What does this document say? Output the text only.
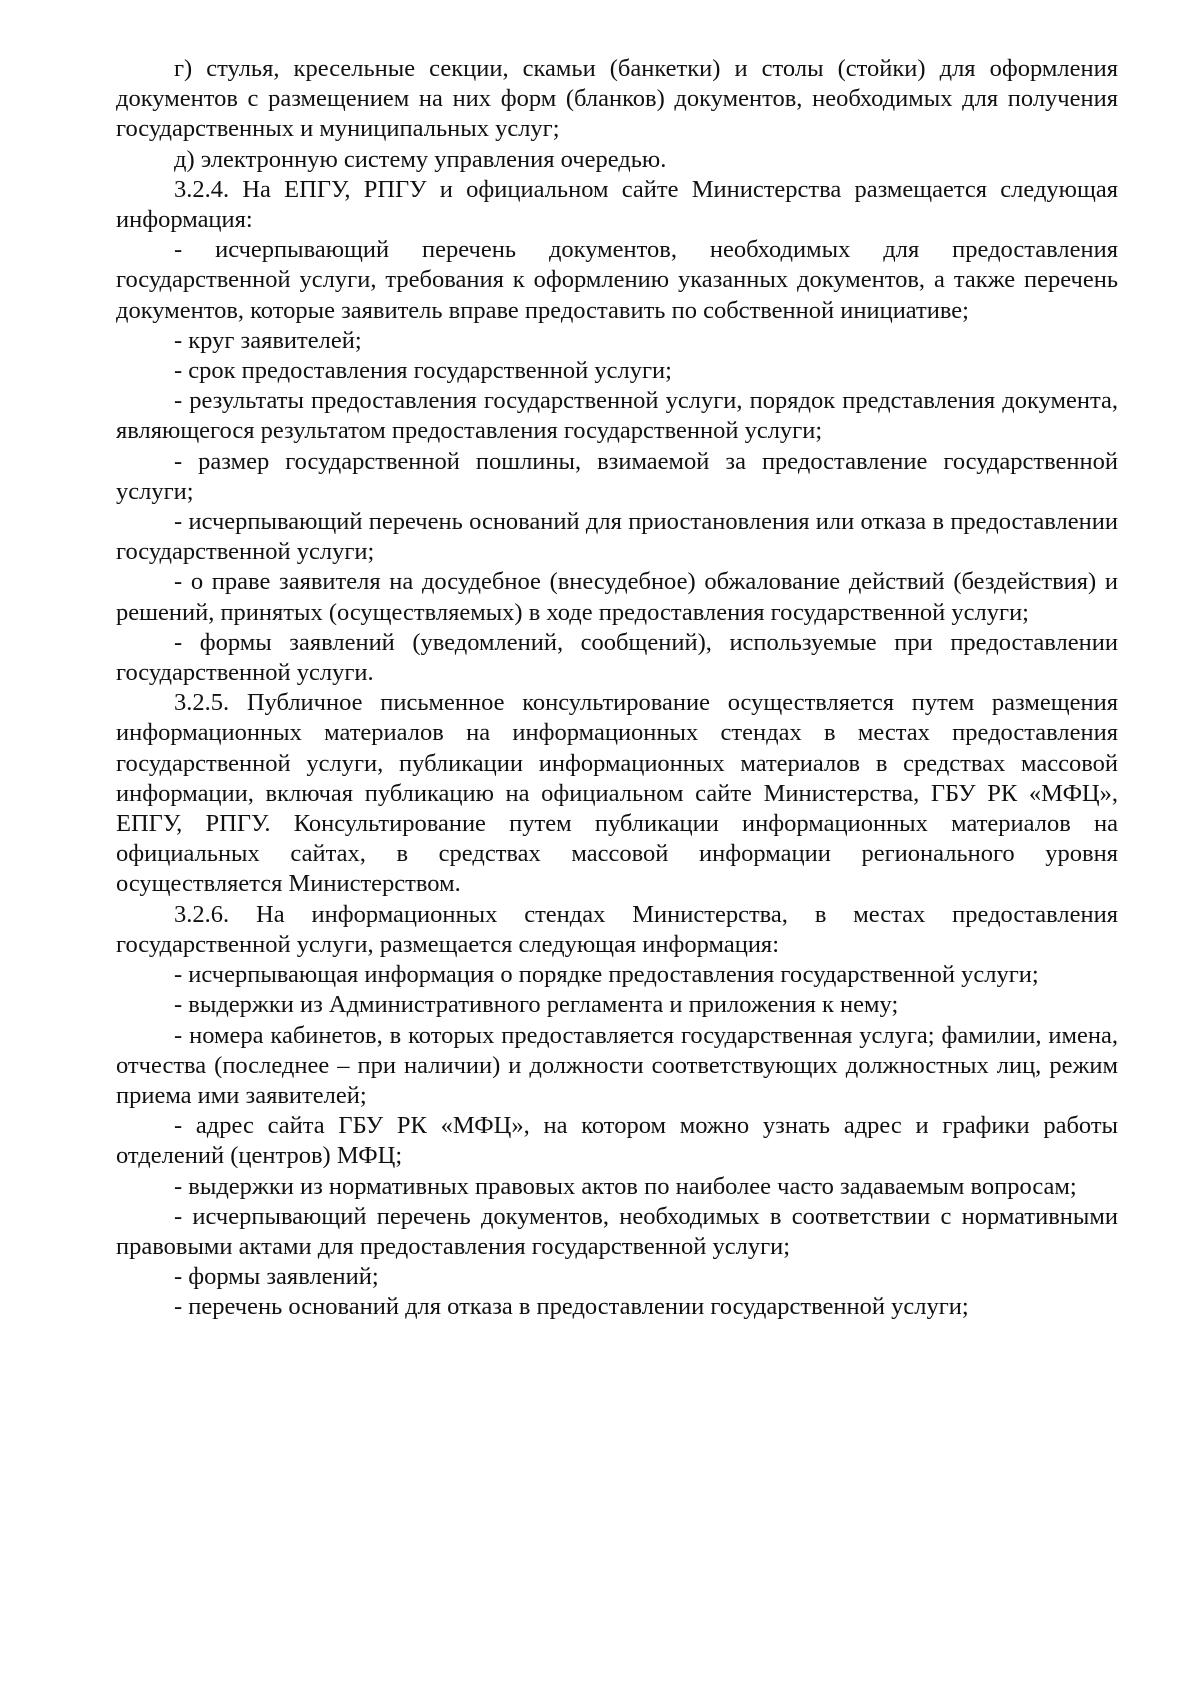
г) стулья, кресельные секции, скамьи (банкетки) и столы (стойки) для оформления документов с размещением на них форм (бланков) документов, необходимых для получения государственных и муниципальных услуг;

д) электронную систему управления очередью.

3.2.4. На ЕПГУ, РПГУ и официальном сайте Министерства размещается следующая информация:

- исчерпывающий перечень документов, необходимых для предоставления государственной услуги, требования к оформлению указанных документов, а также перечень документов, которые заявитель вправе предоставить по собственной инициативе;

- круг заявителей;

- срок предоставления государственной услуги;

- результаты предоставления государственной услуги, порядок представления документа, являющегося результатом предоставления государственной услуги;

- размер государственной пошлины, взимаемой за предоставление государственной услуги;

- исчерпывающий перечень оснований для приостановления или отказа в предоставлении государственной услуги;

- о праве заявителя на досудебное (внесудебное) обжалование действий (бездействия) и решений, принятых (осуществляемых) в ходе предоставления государственной услуги;

- формы заявлений (уведомлений, сообщений), используемые при предоставлении государственной услуги.

3.2.5. Публичное письменное консультирование осуществляется путем размещения информационных материалов на информационных стендах в местах предоставления государственной услуги, публикации информационных материалов в средствах массовой информации, включая публикацию на официальном сайте Министерства, ГБУ РК «МФЦ», ЕПГУ, РПГУ. Консультирование путем публикации информационных материалов на официальных сайтах, в средствах массовой информации регионального уровня осуществляется Министерством.

3.2.6. На информационных стендах Министерства, в местах предоставления государственной услуги, размещается следующая информация:

- исчерпывающая информация о порядке предоставления государственной услуги;

- выдержки из Административного регламента и приложения к нему;

- номера кабинетов, в которых предоставляется государственная услуга; фамилии, имена, отчества (последнее – при наличии) и должности соответствующих должностных лиц, режим приема ими заявителей;

- адрес сайта ГБУ РК «МФЦ», на котором можно узнать адрес и графики работы отделений (центров) МФЦ;

- выдержки из нормативных правовых актов по наиболее часто задаваемым вопросам;

- исчерпывающий перечень документов, необходимых в соответствии с нормативными правовыми актами для предоставления государственной услуги;

- формы заявлений;

- перечень оснований для отказа в предоставлении государственной услуги;
